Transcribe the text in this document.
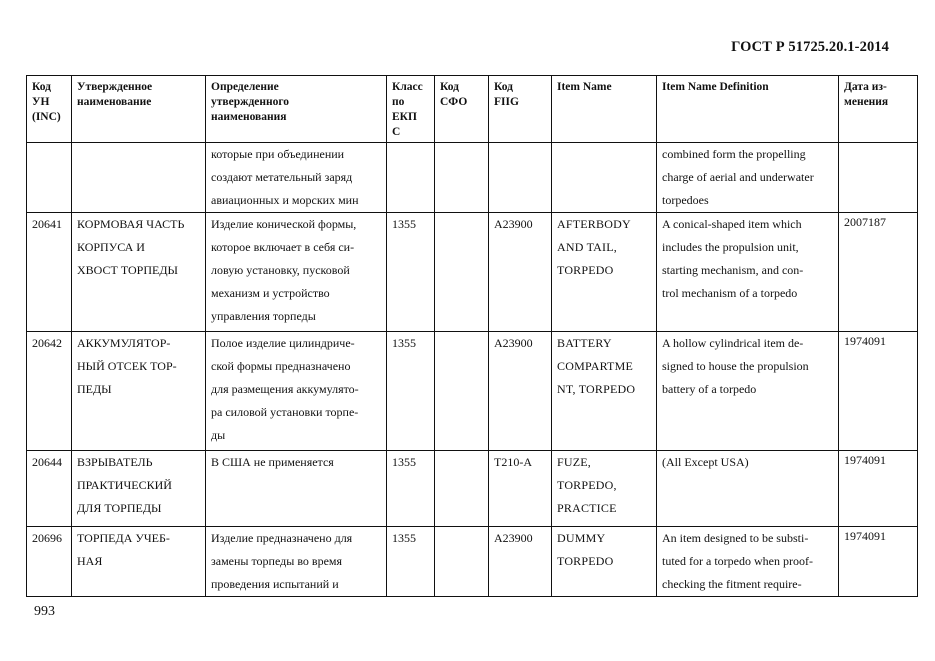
ГОСТ Р 51725.20.1-2014
Код
УН
(INC)	Утвержденное
наименование	Определение
утвержденного
наименования	Класс
по
ЕКП
С	Код
СФО	Код
FIIG	Item Name	Item Name Definition	Дата из-
менения

		которые при объединении
создают метательный заряд
авиационных и морских мин					combined form the propelling
charge of aerial and underwater
torpedoes	

20641	КОРМОВАЯ ЧАСТЬ
КОРПУСА И
ХВОСТ ТОРПЕДЫ	Изделие конической формы,
которое включает в себя си-
ловую установку, пусковой
механизм и устройство
управления торпеды	1355		A23900	AFTERBODY
AND TAIL,
TORPEDO	A conical-shaped item which
includes the propulsion unit,
starting mechanism, and con-
trol mechanism of a torpedo	2007187

20642	АККУМУЛЯТОР-
НЫЙ ОТСЕК ТОР-
ПЕДЫ	Полое изделие цилиндриче-
ской формы предназначено
для размещения аккумулято-
ра силовой установки торпе-
ды	1355		A23900	BATTERY
COMPARTME
NT, TORPEDO	A hollow cylindrical item de-
signed to house the propulsion
battery of a torpedo	1974091

20644	ВЗРЫВАТЕЛЬ
ПРАКТИЧЕСКИЙ
ДЛЯ ТОРПЕДЫ	В США не применяется	1355		T210-A	FUZE,
TORPEDO,
PRACTICE	(All Except USA)	1974091

20696	ТОРПЕДА УЧЕБ-
НАЯ	Изделие предназначено для
замены торпеды во время
проведения испытаний и	1355		A23900	DUMMY
TORPEDO	An item designed to be substi-
tuted for a torpedo when proof-
checking the fitment require-	1974091
993
